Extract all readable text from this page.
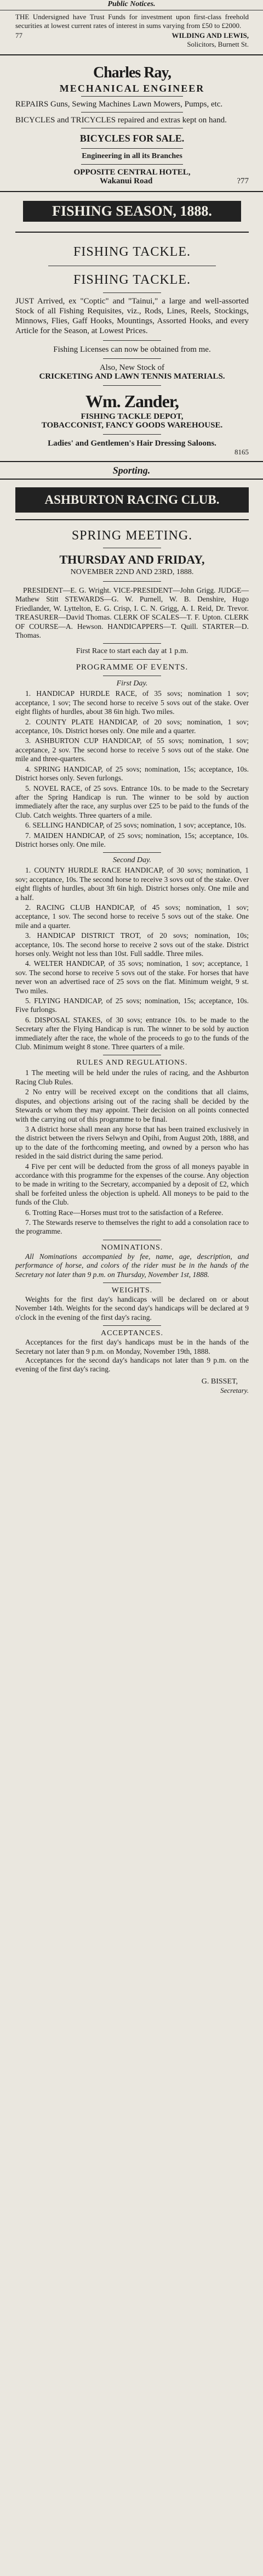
Public Notices.

THE Undersigned have Trust Funds for investment upon first-class freehold securities at lowest current rates of interest in sums varying from £50 to £2000.

77	WILDING AND LEWIS,

Solicitors, Burnett St.

Charles Ray,

MECHANICAL ENGINEER

REPAIRS Guns, Sewing Machines Lawn Mowers, Pumps, etc.

BICYCLES and TRICYCLES repaired and extras kept on hand.

BICYCLES FOR SALE.

Engineering in all its Branches

OPPOSITE CENTRAL HOTEL,

Wakanui Road	?77

FISHING SEASON, 1888.

FISHING TACKLE.

FISHING TACKLE.

JUST Arrived, ex "Coptic" and "Tainui," a large and well-assorted Stock of all Fishing Requisites, viz., Rods, Lines, Reels, Stockings, Minnows, Flies, Gaff Hooks, Mountings, Assorted Hooks, and every Article for the Season, at Lowest Prices.

Fishing Licenses can now be obtained from me.

Also, New Stock of

CRICKETING AND LAWN TENNIS MATERIALS.

Wm. Zander,

FISHING TACKLE DEPOT,

TOBACCONIST, FANCY GOODS WAREHOUSE.

Ladies' and Gentlemen's Hair Dressing Saloons.

8165

Sporting.

ASHBURTON RACING CLUB.

SPRING MEETING.

THURSDAY AND FRIDAY,

NOVEMBER 22ND AND 23RD, 1888.

PRESIDENT—E. G. Wright. VICE-PRESIDENT—John Grigg. JUDGE—Mathew Stitt STEWARDS—G. W. Purnell, W. B. Denshire, Hugo Friedlander, W. Lyttelton, E. G. Crisp, I. C. N. Grigg, A. I. Reid, Dr. Trevor. TREASURER—David Thomas. CLERK OF SCALES—T. F. Upton. CLERK OF COURSE—A. Hewson. HANDICAPPERS—T. Quill. STARTER—D. Thomas.

First Race to start each day at 1 p.m.

PROGRAMME OF EVENTS.

First Day.

1. HANDICAP HURDLE RACE, of 35 sovs; nomination 1 sov; acceptance, 1 sov; The second horse to receive 5 sovs out of the stake. Over eight flights of hurdles, about 38 6in high. Two miles.

2. COUNTY PLATE HANDICAP, of 20 sovs; nomination, 1 sov; acceptance, 10s. District horses only. One mile and a quarter.

3. ASHBURTON CUP HANDICAP, of 55 sovs; nomination, 1 sov; acceptance, 2 sov. The second horse to receive 5 sovs out of the stake. One mile and three-quarters.

4. SPRING HANDICAP, of 25 sovs; nomination, 15s; acceptance, 10s. District horses only. Seven furlongs.

5. NOVEL RACE, of 25 sovs. Entrance 10s. to be made to the Secretary after the Spring Handicap is run. The winner to be sold by auction immediately after the race, any surplus over £25 to be paid to the funds of the Club. Catch weights. Three quarters of a mile.

6. SELLING HANDICAP, of 25 sovs; nomination, 1 sov; acceptance, 10s.

7. MAIDEN HANDICAP, of 25 sovs; nomination, 15s; acceptance, 10s. District horses only. One mile.

Second Day.

1. COUNTY HURDLE RACE HANDICAP, of 30 sovs; nomination, 1 sov; acceptance, 10s. The second horse to receive 3 sovs out of the stake. Over eight flights of hurdles, about 3ft 6in high. District horses only. One mile and a half.

2. RACING CLUB HANDICAP, of 45 sovs; nomination, 1 sov; acceptance, 1 sov. The second horse to receive 5 sovs out of the stake. One mile and a quarter.

3. HANDICAP DISTRICT TROT, of 20 sovs; nomination, 10s; acceptance, 10s. The second horse to receive 2 sovs out of the stake. District horses only. Weight not less than 10st. Full saddle. Three miles.

4. WELTER HANDICAP, of 35 sovs; nomination, 1 sov; acceptance, 1 sov. The second horse to receive 5 sovs out of the stake. For horses that have never won an advertised race of 25 sovs on the flat. Minimum weight, 9 st. Two miles.

5. FLYING HANDICAP, of 25 sovs; nomination, 15s; acceptance, 10s. Five furlongs.

6. DISPOSAL STAKES, of 30 sovs; entrance 10s. to be made to the Secretary after the Flying Handicap is run. The winner to be sold by auction immediately after the race, the whole of the proceeds to go to the funds of the Club. Minimum weight 8 stone. Three quarters of a mile.

RULES AND REGULATIONS.

1 The meeting will be held under the rules of racing, and the Ashburton Racing Club Rules.

2 No entry will be received except on the conditions that all claims, disputes, and objections arising out of the racing shall be decided by the Stewards or whom they may appoint. Their decision on all points connected with the carrying out of this programme to be final.

3 A district horse shall mean any horse that has been trained exclusively in the district between the rivers Selwyn and Opihi, from August 20th, 1888, and up to the date of the forthcoming meeting, and owned by a person who has resided in the said district during the same period.

4 Five per cent will be deducted from the gross of all moneys payable in accordance with this programme for the expenses of the course. Any objection to be made in writing to the Secretary, accompanied by a deposit of £2, which shall be forfeited unless the objection is upheld. All moneys to be paid to the funds of the Club.

6. Trotting Race—Horses must trot to the satisfaction of a Referee.

7. The Stewards reserve to themselves the right to add a consolation race to the programme.

NOMINATIONS.

All Nominations accompanied by fee, name, age, description, and performance of horse, and colors of the rider must be in the hands of the Secretary not later than 9 p.m. on Thursday, November 1st, 1888.

WEIGHTS.

Weights for the first day's handicaps will be declared on or about November 14th. Weights for the second day's handicaps will be declared at 9 o'clock in the evening of the first day's racing.

ACCEPTANCES.

Acceptances for the first day's handicaps must be in the hands of the Secretary not later than 9 p.m. on Monday, November 19th, 1888.

Acceptances for the second day's handicaps not later than 9 p.m. on the evening of the first day's racing.

G. BISSET,

Secretary.
